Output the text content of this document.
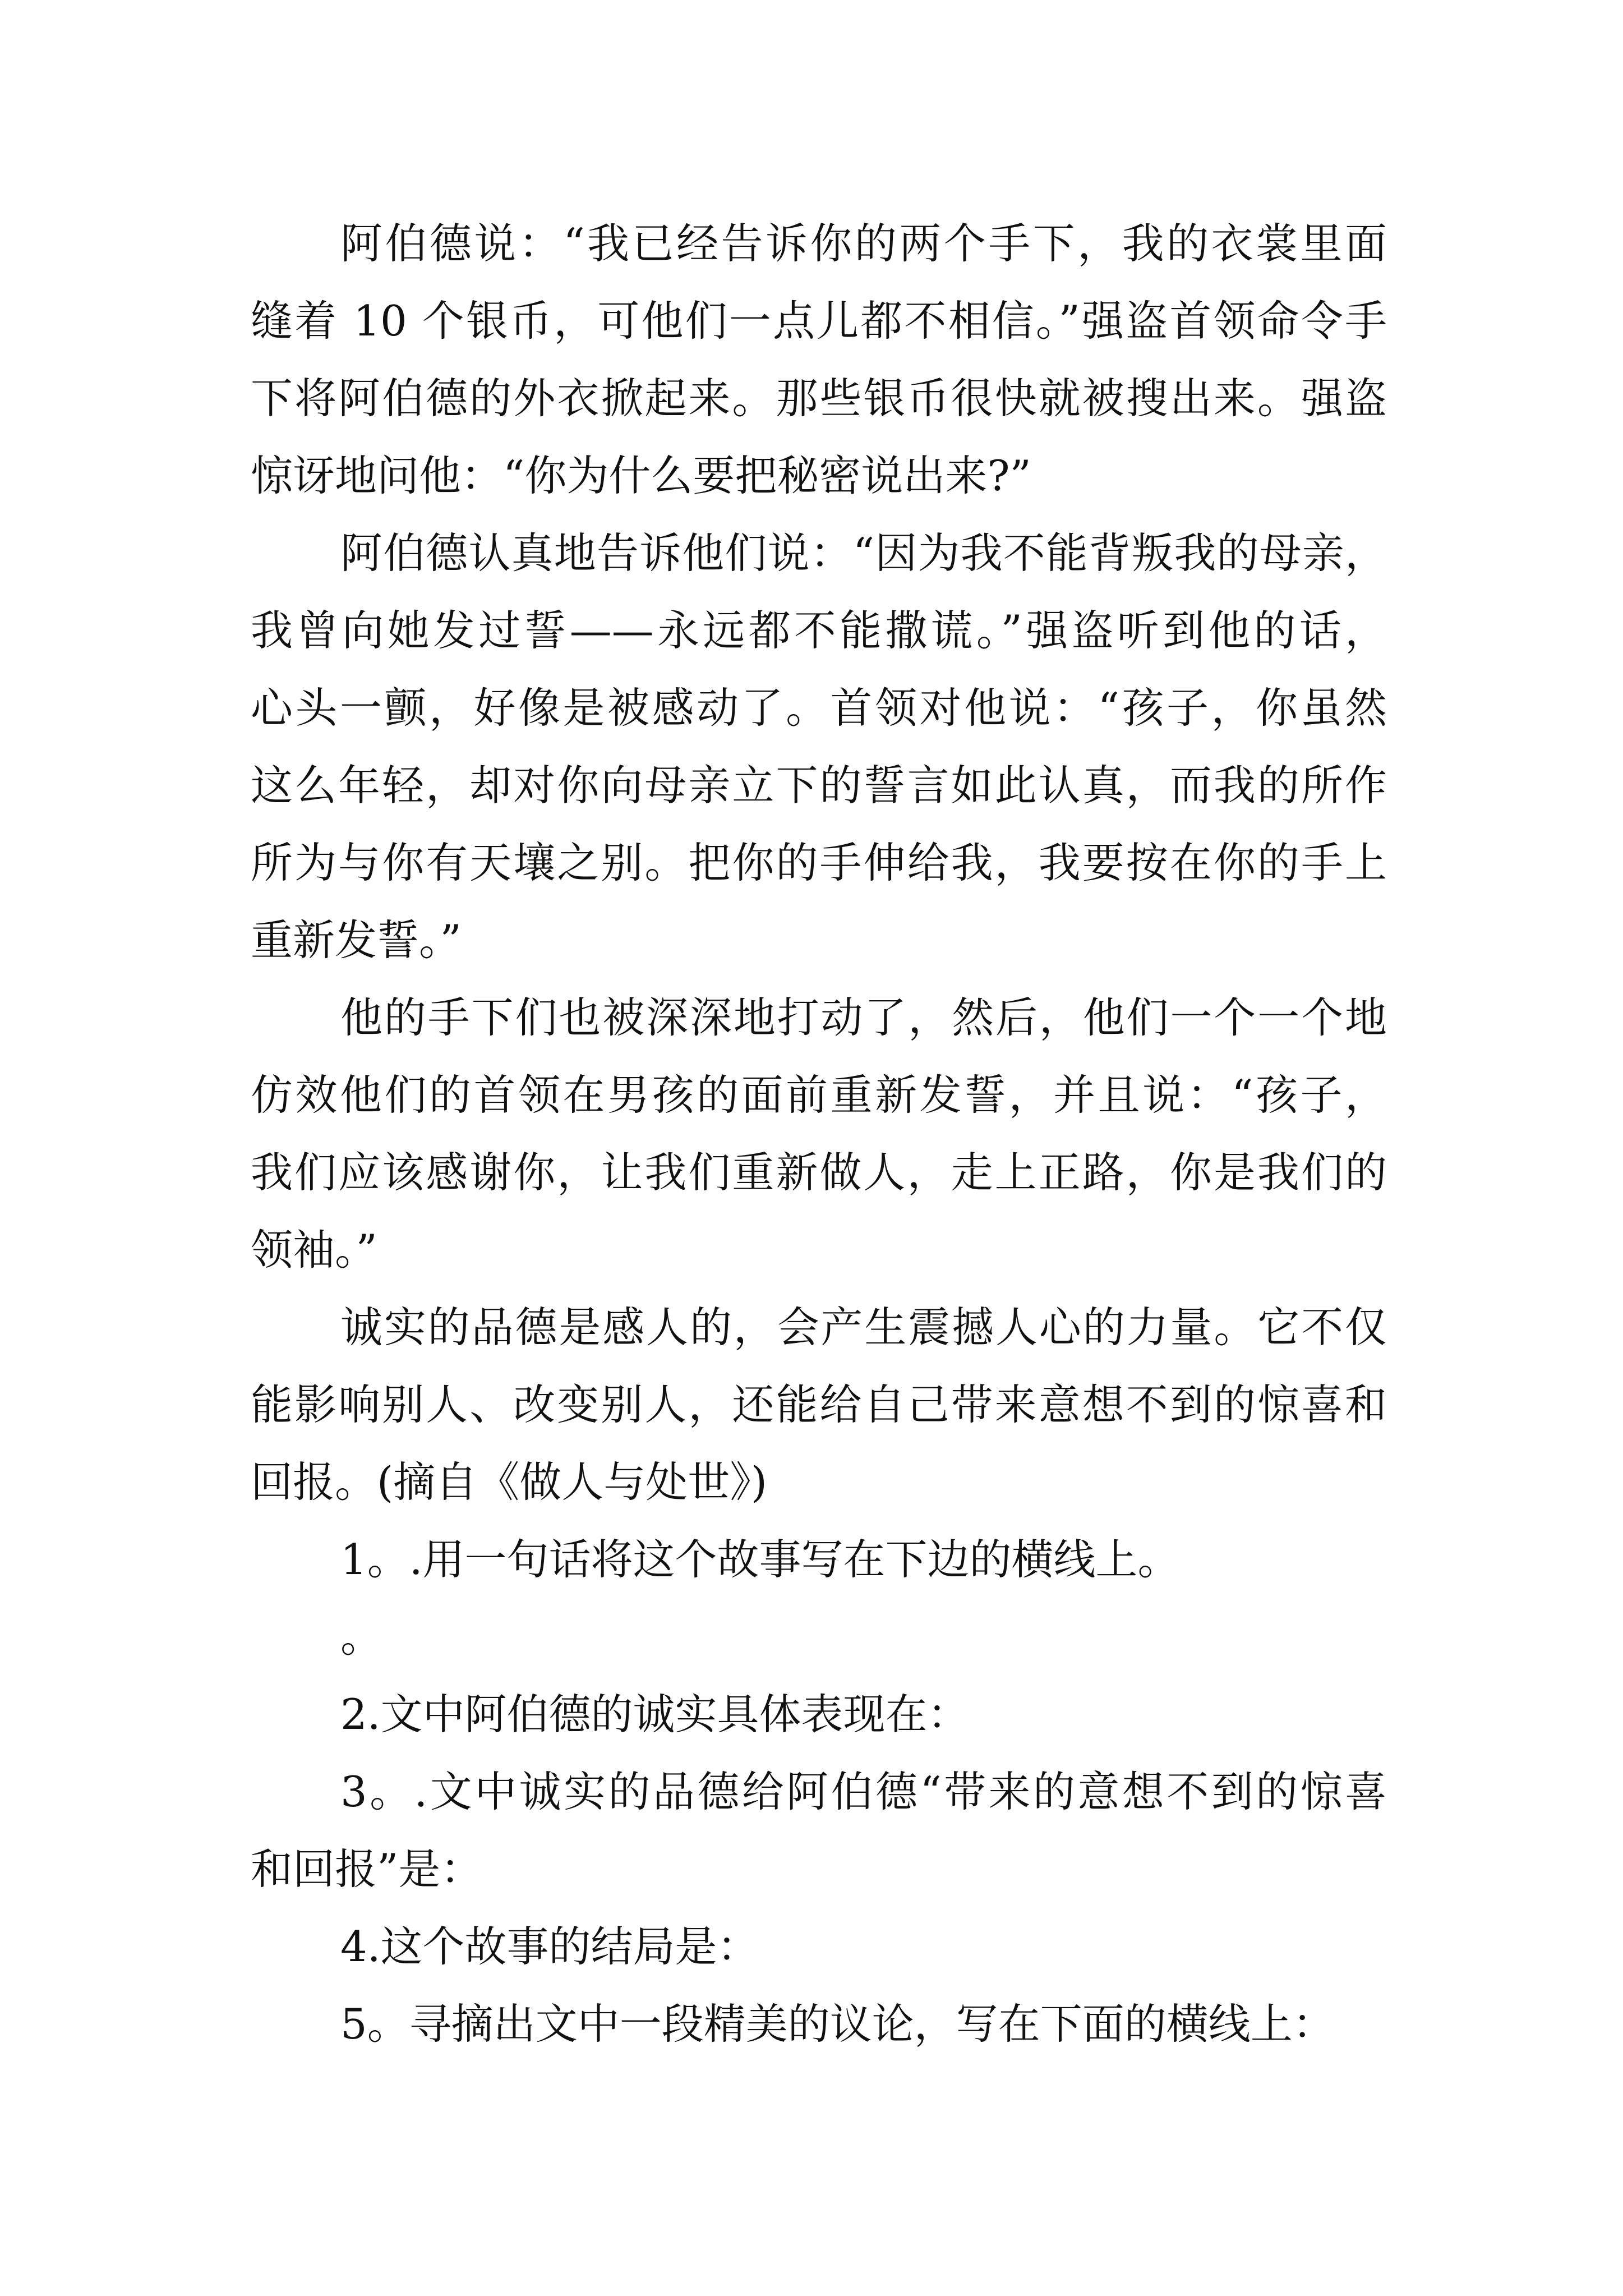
阿伯德说：“我已经告诉你的两个手下，我的衣裳里面
缝着 10 个银币，可他们一点儿都不相信。”强盗首领命令手
下将阿伯德的外衣掀起来。那些银币很快就被搜出来。强盗
惊讶地问他：“你为什么要把秘密说出来?”
阿伯德认真地告诉他们说：“因为我不能背叛我的母亲，
我曾向她发过誓——永远都不能撒谎。”强盗听到他的话，
心头一颤，好像是被感动了。首领对他说：“孩子，你虽然
这么年轻，却对你向母亲立下的誓言如此认真，而我的所作
所为与你有天壤之别。把你的手伸给我，我要按在你的手上
重新发誓。”
他的手下们也被深深地打动了，然后，他们一个一个地
仿效他们的首领在男孩的面前重新发誓，并且说：“孩子，
我们应该感谢你，让我们重新做人，走上正路，你是我们的
领袖。”
诚实的品德是感人的，会产生震撼人心的力量。它不仅
能影响别人、改变别人，还能给自己带来意想不到的惊喜和
回报。(摘自《做人与处世》)
1。.用一句话将这个故事写在下边的横线上。
。
2.文中阿伯德的诚实具体表现在：
3。.文中诚实的品德给阿伯德“带来的意想不到的惊喜
和回报”是：
4.这个故事的结局是：
5。寻摘出文中一段精美的议论，写在下面的横线上：
